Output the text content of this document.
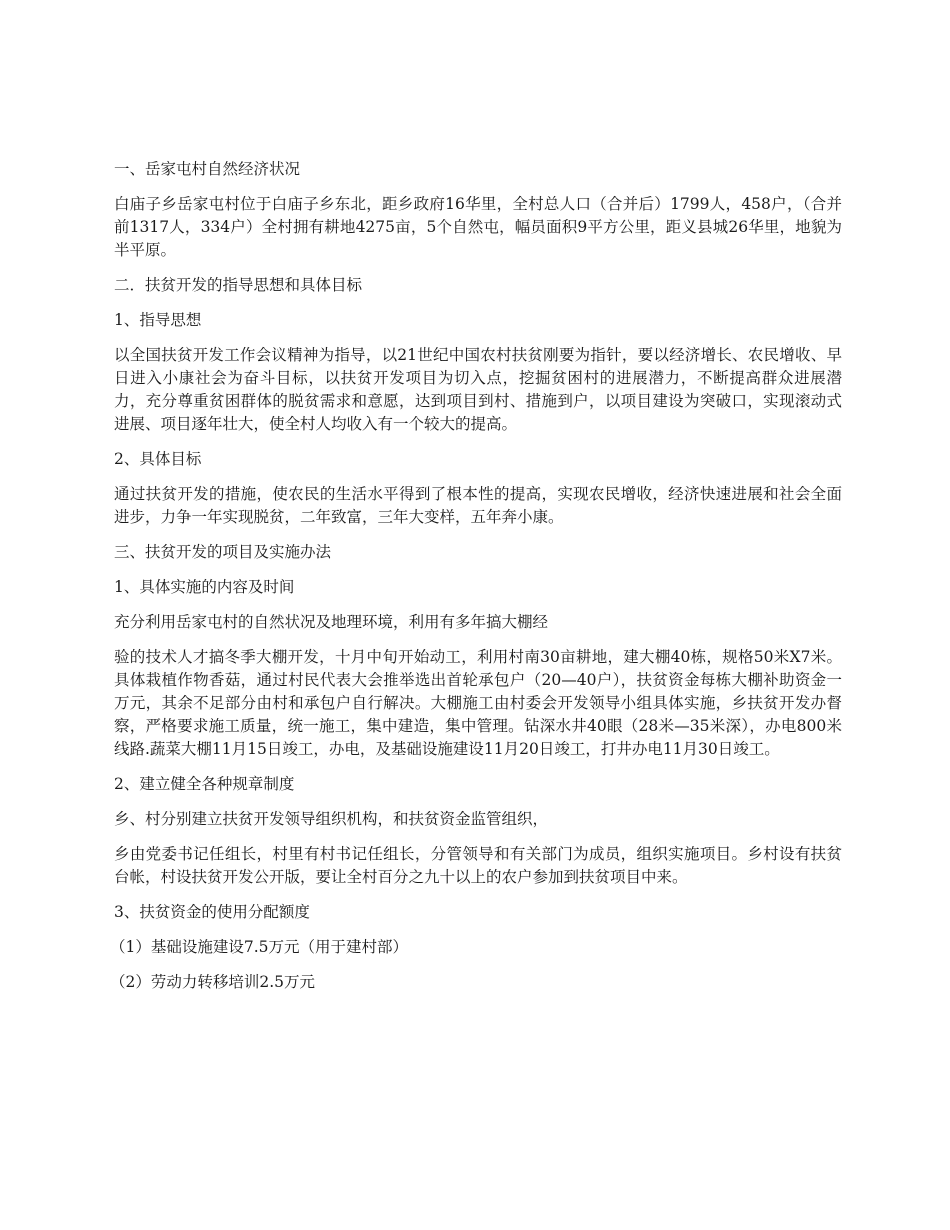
一、岳家屯村自然经济状况

白庙子乡岳家屯村位于白庙子乡东北，距乡政府16华里，全村总人口（合并后）1799人，458户，（合并前1317人，334户）全村拥有耕地4275亩，5个自然屯，幅员面积9平方公里，距义县城26华里，地貌为半平原。

二．扶贫开发的指导思想和具体目标

1、指导思想

以全国扶贫开发工作会议精神为指导，以21世纪中国农村扶贫刚要为指针，要以经济增长、农民增收、早日进入小康社会为奋斗目标，以扶贫开发项目为切入点，挖掘贫困村的进展潜力，不断提高群众进展潜力，充分尊重贫困群体的脱贫需求和意愿，达到项目到村、措施到户，以项目建设为突破口，实现滚动式进展、项目逐年壮大，使全村人均收入有一个较大的提高。

2、具体目标

通过扶贫开发的措施，使农民的生活水平得到了根本性的提高，实现农民增收，经济快速进展和社会全面进步，力争一年实现脱贫，二年致富，三年大变样，五年奔小康。

三、扶贫开发的项目及实施办法

1、具体实施的内容及时间

充分利用岳家屯村的自然状况及地理环境，利用有多年搞大棚经

验的技术人才搞冬季大棚开发，十月中旬开始动工，利用村南30亩耕地，建大棚40栋，规格50米X7米。具体栽植作物香菇，通过村民代表大会推举选出首轮承包户（20—40户），扶贫资金每栋大棚补助资金一万元，其余不足部分由村和承包户自行解决。大棚施工由村委会开发领导小组具体实施，乡扶贫开发办督察，严格要求施工质量，统一施工，集中建造，集中管理。钻深水井40眼（28米—35米深），办电800米线路.蔬菜大棚11月15日竣工，办电，及基础设施建设11月20日竣工，打井办电11月30日竣工。

2、建立健全各种规章制度

乡、村分别建立扶贫开发领导组织机构，和扶贫资金监管组织，

乡由党委书记任组长，村里有村书记任组长，分管领导和有关部门为成员，组织实施项目。乡村设有扶贫台帐，村设扶贫开发公开版，要让全村百分之九十以上的农户参加到扶贫项目中来。

3、扶贫资金的使用分配额度

（1）基础设施建设7.5万元（用于建村部）

（2）劳动力转移培训2.5万元
